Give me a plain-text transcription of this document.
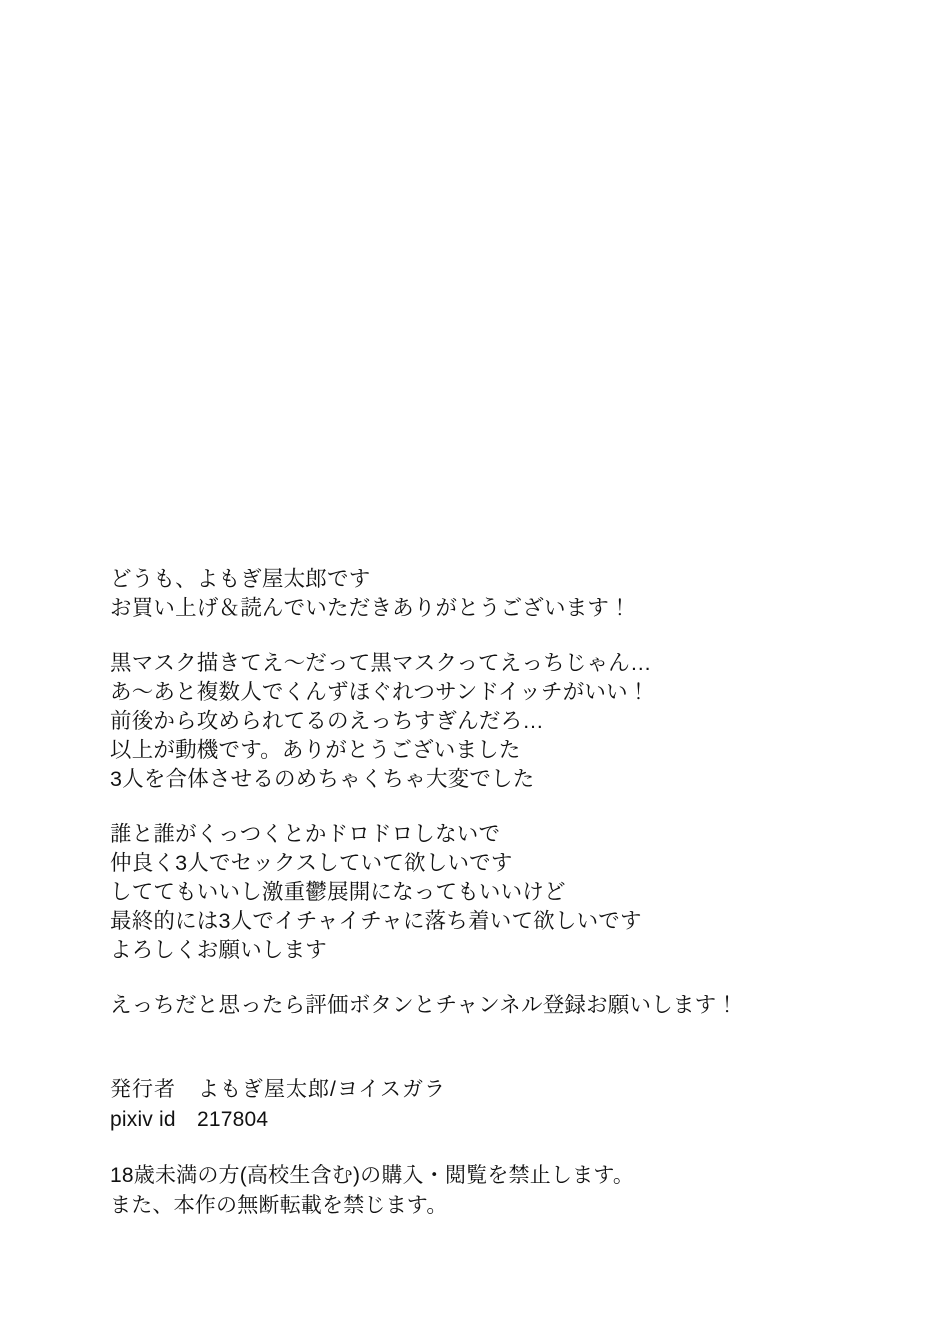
どうも、よもぎ屋太郎です
お買い上げ＆読んでいただきありがとうございます！
黒マスク描きてえ〜だって黒マスクってえっちじゃん…
あ〜あと複数人でくんずほぐれつサンドイッチがいい！
前後から攻められてるのえっちすぎんだろ…
以上が動機です。ありがとうございました
3人を合体させるのめちゃくちゃ大変でした
誰と誰がくっつくとかドロドロしないで
仲良く3人でセックスしていて欲しいです
しててもいいし激重鬱展開になってもいいけど
最終的には3人でイチャイチャに落ち着いて欲しいです
よろしくお願いします
えっちだと思ったら評価ボタンとチャンネル登録お願いします！
発行者　よもぎ屋太郎/ヨイスガラ
pixiv id　217804
18歳未満の方(高校生含む)の購入・閲覧を禁止します。
また、本作の無断転載を禁じます。
